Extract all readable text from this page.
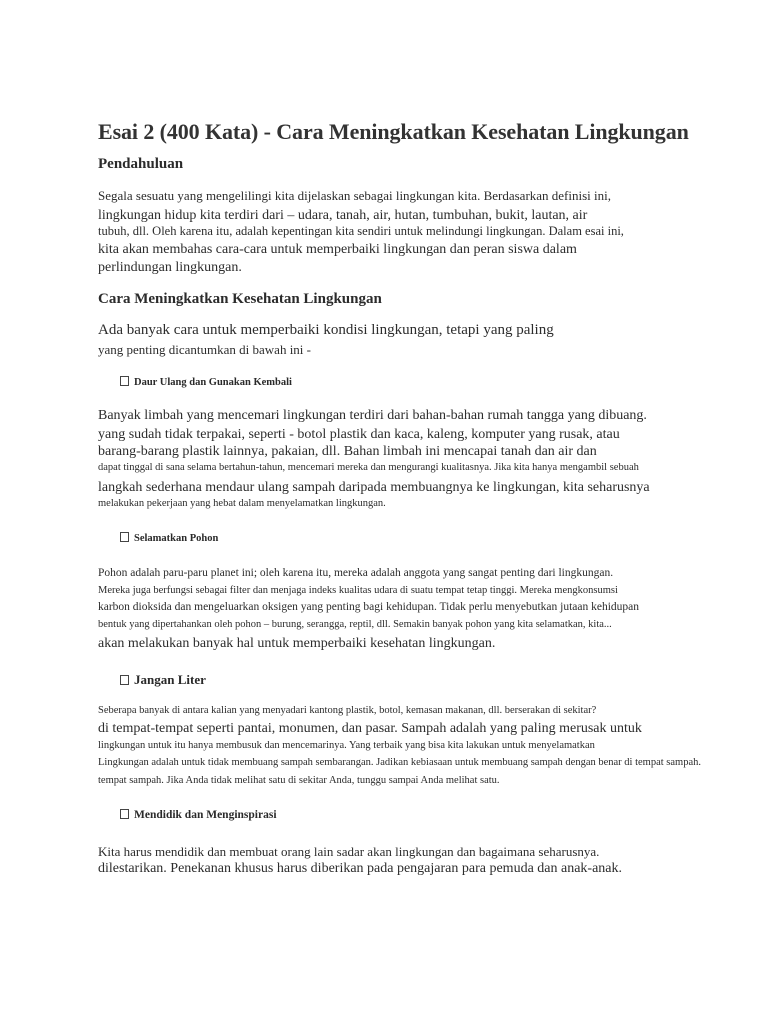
Esai 2 (400 Kata) - Cara Meningkatkan Kesehatan Lingkungan
Pendahuluan
Segala sesuatu yang mengelilingi kita dijelaskan sebagai lingkungan kita. Berdasarkan definisi ini,
lingkungan hidup kita terdiri dari – udara, tanah, air, hutan, tumbuhan, bukit, lautan, air
tubuh, dll. Oleh karena itu, adalah kepentingan kita sendiri untuk melindungi lingkungan. Dalam esai ini,
kita akan membahas cara-cara untuk memperbaiki lingkungan dan peran siswa dalam
perlindungan lingkungan.
Cara Meningkatkan Kesehatan Lingkungan
Ada banyak cara untuk memperbaiki kondisi lingkungan, tetapi yang paling
yang penting dicantumkan di bawah ini -
Daur Ulang dan Gunakan Kembali
Banyak limbah yang mencemari lingkungan terdiri dari bahan-bahan rumah tangga yang dibuang.
yang sudah tidak terpakai, seperti - botol plastik dan kaca, kaleng, komputer yang rusak, atau
barang-barang plastik lainnya, pakaian, dll. Bahan limbah ini mencapai tanah dan air dan
dapat tinggal di sana selama bertahun-tahun, mencemari mereka dan mengurangi kualitasnya. Jika kita hanya mengambil sebuah
langkah sederhana mendaur ulang sampah daripada membuangnya ke lingkungan, kita seharusnya
melakukan pekerjaan yang hebat dalam menyelamatkan lingkungan.
Selamatkan Pohon
Pohon adalah paru-paru planet ini; oleh karena itu, mereka adalah anggota yang sangat penting dari lingkungan.
Mereka juga berfungsi sebagai filter dan menjaga indeks kualitas udara di suatu tempat tetap tinggi. Mereka mengkonsumsi
karbon dioksida dan mengeluarkan oksigen yang penting bagi kehidupan. Tidak perlu menyebutkan jutaan kehidupan
bentuk yang dipertahankan oleh pohon – burung, serangga, reptil, dll. Semakin banyak pohon yang kita selamatkan, kita...
akan melakukan banyak hal untuk memperbaiki kesehatan lingkungan.
Jangan Liter
Seberapa banyak di antara kalian yang menyadari kantong plastik, botol, kemasan makanan, dll. berserakan di sekitar?
di tempat-tempat seperti pantai, monumen, dan pasar. Sampah adalah yang paling merusak untuk
lingkungan untuk itu hanya membusuk dan mencemarinya. Yang terbaik yang bisa kita lakukan untuk menyelamatkan
Lingkungan adalah untuk tidak membuang sampah sembarangan. Jadikan kebiasaan untuk membuang sampah dengan benar di tempat sampah.
tempat sampah. Jika Anda tidak melihat satu di sekitar Anda, tunggu sampai Anda melihat satu.
Mendidik dan Menginspirasi
Kita harus mendidik dan membuat orang lain sadar akan lingkungan dan bagaimana seharusnya.
dilestarikan. Penekanan khusus harus diberikan pada pengajaran para pemuda dan anak-anak.
